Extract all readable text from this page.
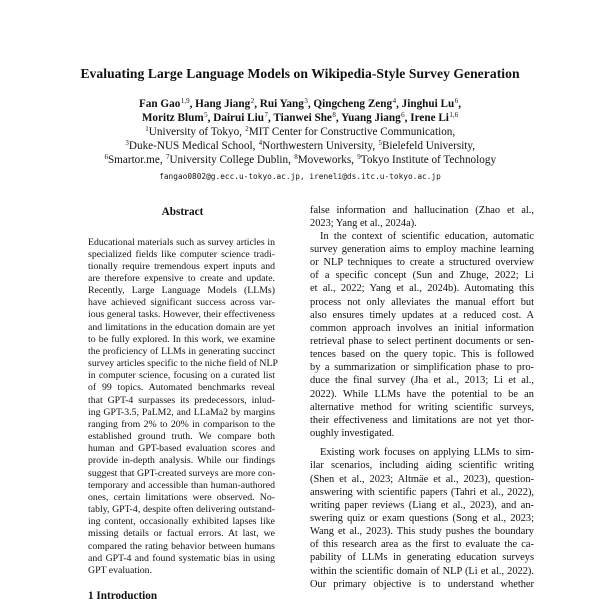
Evaluating Large Language Models on Wikipedia-Style Survey Generation
Fan Gao$^{1,9}$, Hang Jiang$^2$, Rui Yang$^3$, Qingcheng Zeng$^4$, Jinghui Lu$^6$,
Moritz Blum$^5$, Dairui Liu$^7$, Tianwei She$^8$, Yuang Jiang$^6$, Irene Li$^{1,6}$
$^1$University of Tokyo, $^2$MIT Center for Constructive Communication,
$^3$Duke-NUS Medical School, $^4$Northwestern University, $^5$Bielefeld University,
$^6$Smartor.me, $^7$University College Dublin, $^8$Moveworks, $^9$Tokyo Institute of Technology
fangao0802@g.ecc.u-tokyo.ac.jp, ireneli@ds.itc.u-tokyo.ac.jp
Abstract
Educational materials such as survey articles in
specialized fields like computer science tradi-
tionally require tremendous expert inputs and
are therefore expensive to create and update.
Recently, Large Language Models (LLMs)
have achieved significant success across var-
ious general tasks. However, their effectiveness
and limitations in the education domain are yet
to be fully explored. In this work, we examine
the proficiency of LLMs in generating succinct
survey articles specific to the niche field of NLP
in computer science, focusing on a curated list
of 99 topics. Automated benchmarks reveal
that GPT-4 surpasses its predecessors, inlud-
ing GPT-3.5, PaLM2, and LLaMa2 by margins
ranging from 2% to 20% in comparison to the
established ground truth. We compare both
human and GPT-based evaluation scores and
provide in-depth analysis. While our findings
suggest that GPT-created surveys are more con-
temporary and accessible than human-authored
ones, certain limitations were observed. No-
tably, GPT-4, despite often delivering outstand-
ing content, occasionally exhibited lapses like
missing details or factual errors. At last, we
compared the rating behavior between humans
and GPT-4 and found systematic bias in using
GPT evaluation.
false information and hallucination (Zhao et al.,
2023; Yang et al., 2024a).
In the context of scientific education, automatic
survey generation aims to employ machine learning
or NLP techniques to create a structured overview
of a specific concept (Sun and Zhuge, 2022; Li
et al., 2022; Yang et al., 2024b). Automating this
process not only alleviates the manual effort but
also ensures timely updates at a reduced cost. A
common approach involves an initial information
retrieval phase to select pertinent documents or sen-
tences based on the query topic. This is followed
by a summarization or simplification phase to pro-
duce the final survey (Jha et al., 2013; Li et al.,
2022). While LLMs have the potential to be an
alternative method for writing scientific surveys,
their effectiveness and limitations are not yet thor-
oughly investigated.
Existing work focuses on applying LLMs to sim-
ilar scenarios, including aiding scientific writing
(Shen et al., 2023; Altmäe et al., 2023), question-
answering with scientific papers (Tahri et al., 2022),
writing paper reviews (Liang et al., 2023), and an-
swering quiz or exam questions (Song et al., 2023;
Wang et al., 2023). This study pushes the boundary
of this research area as the first to evaluate the ca-
pability of LLMs in generating education surveys
within the scientific domain of NLP (Li et al., 2022).
Our primary objective is to understand whether
1 Introduction
